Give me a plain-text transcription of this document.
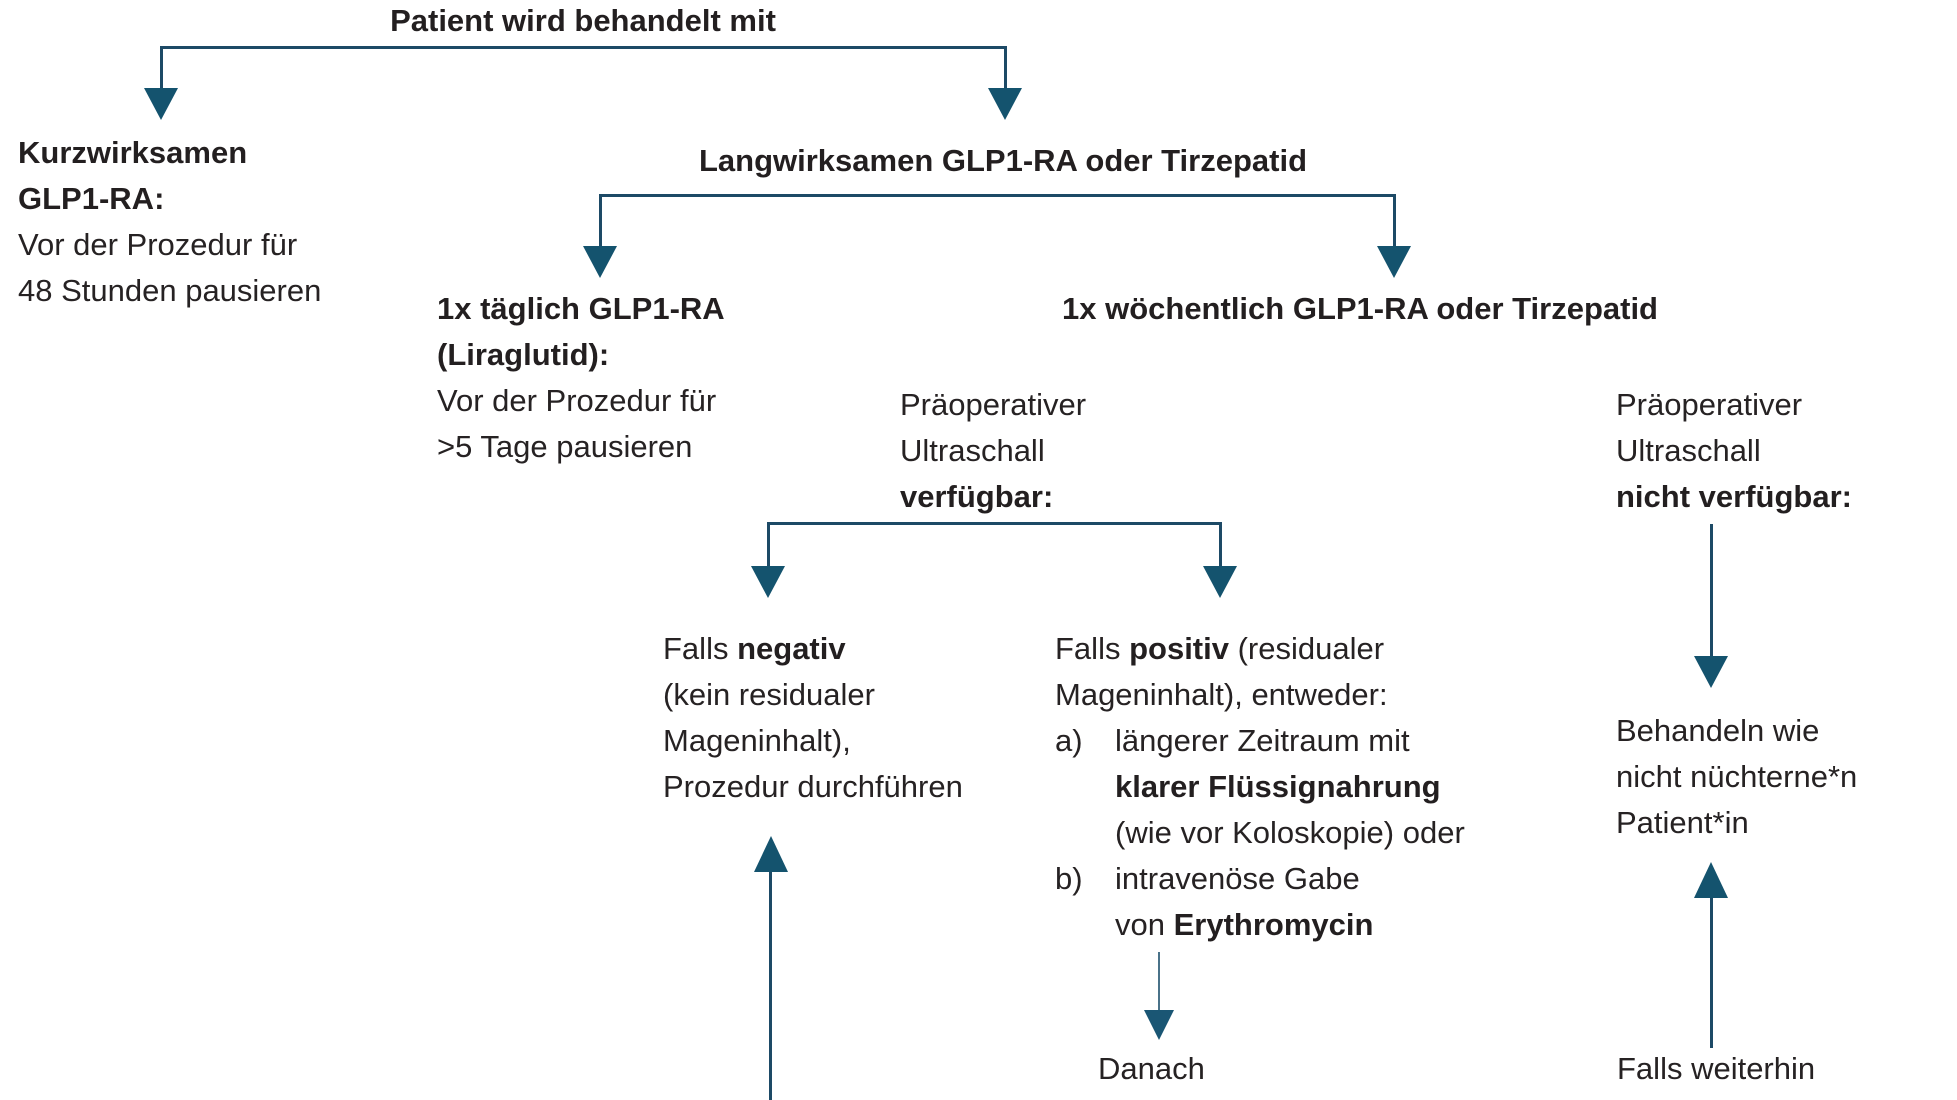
Patient wird behandelt mit
Kurzwirksamen
GLP1-RA:
Vor der Prozedur für
48 Stunden pausieren
Langwirksamen GLP1-RA oder Tirzepatid
1x täglich GLP1-RA
(Liraglutid):
Vor der Prozedur für
>5 Tage pausieren
1x wöchentlich GLP1-RA oder Tirzepatid
Präoperativer
Ultraschall
verfügbar:
Präoperativer
Ultraschall
nicht verfügbar:
Falls negativ
(kein residualer
Mageninhalt),
Prozedur durchführen
Falls positiv (residualer
Mageninhalt), entweder:
a)	längerer Zeitraum mit
klarer Flüssignahrung
(wie vor Koloskopie) oder
b)	intravenöse Gabe
von Erythromycin
Behandeln wie
nicht nüchterne*n
Patient*in
Danach	Falls weiterhin
